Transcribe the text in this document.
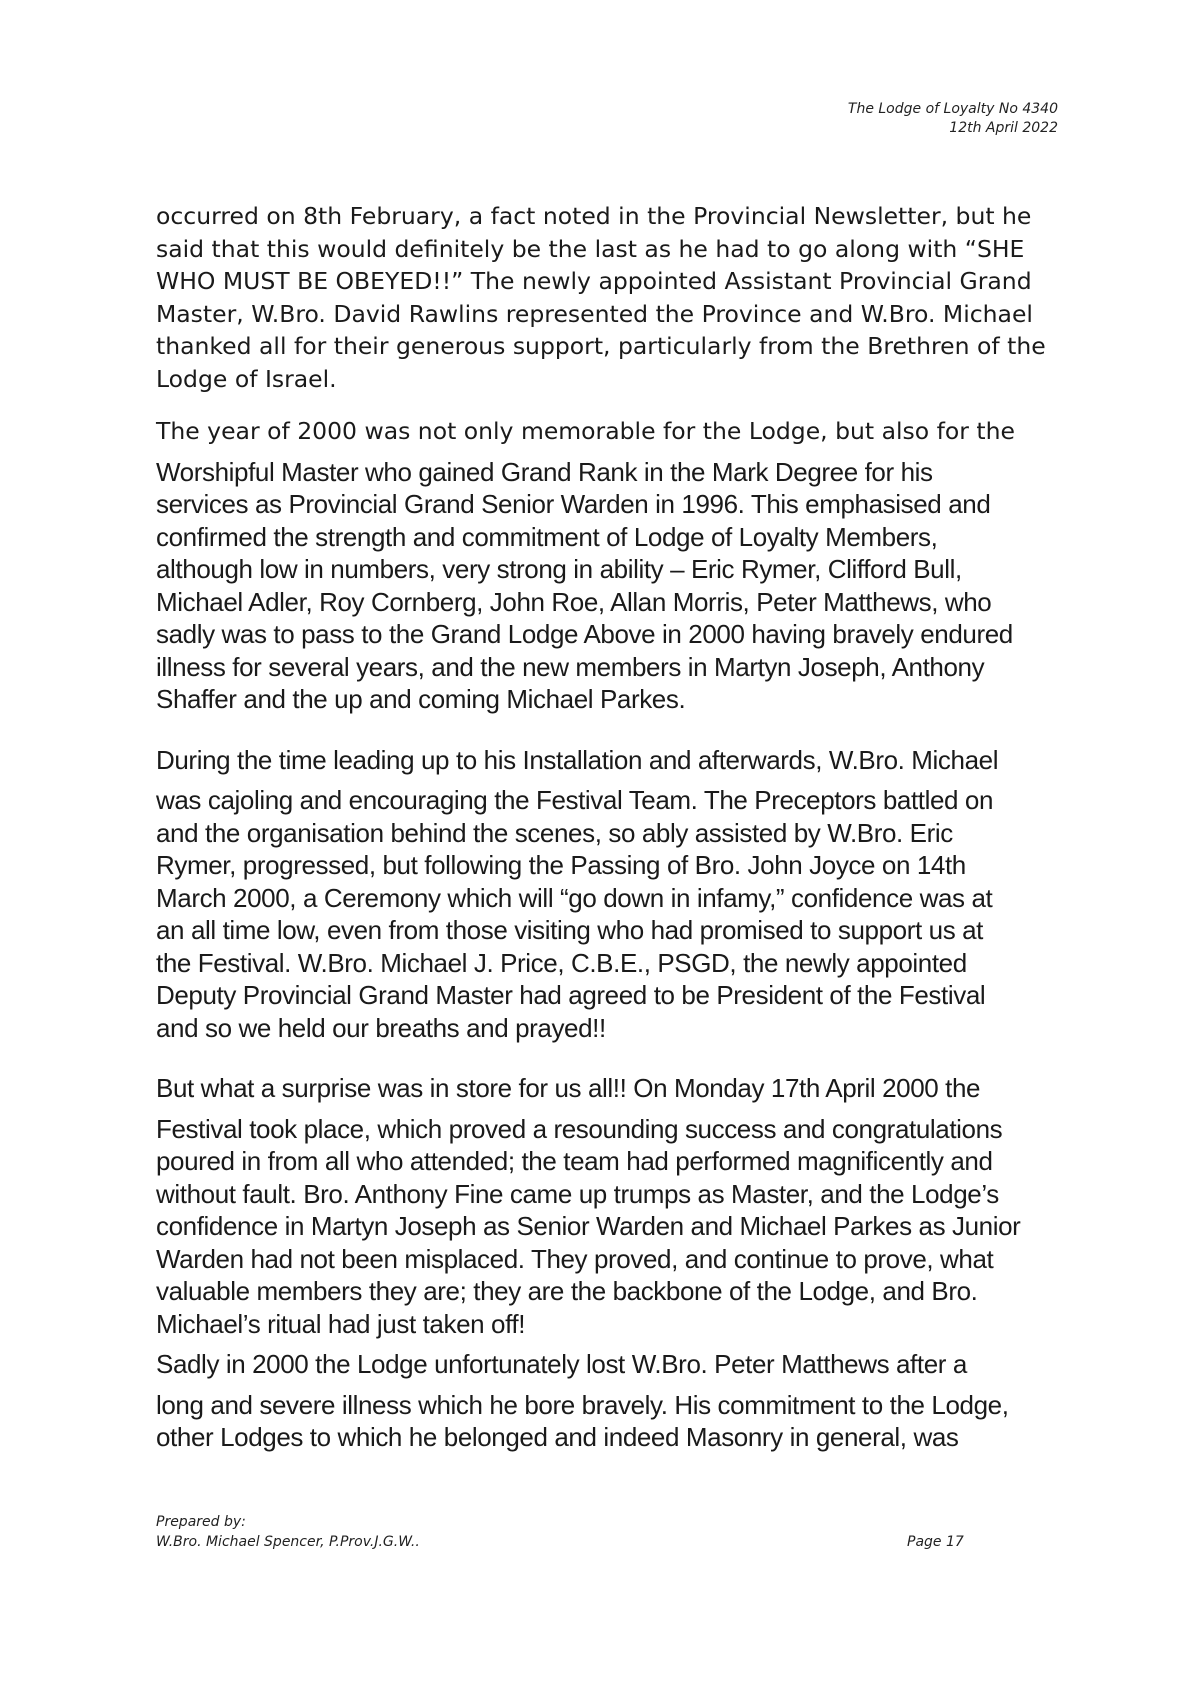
The Lodge of Loyalty No 4340
12th April 2022

occurred on 8th February, a fact noted in the Provincial Newsletter, but he
said that this would definitely be the last as he had to go along with “SHE
WHO MUST BE OBEYED!!” The newly appointed Assistant Provincial Grand
Master, W.Bro. David Rawlins represented the Province and W.Bro. Michael
thanked all for their generous support, particularly from the Brethren of the
Lodge of Israel.

The year of 2000 was not only memorable for the Lodge, but also for the
Worshipful Master who gained Grand Rank in the Mark Degree for his
services as Provincial Grand Senior Warden in 1996. This emphasised and
confirmed the strength and commitment of Lodge of Loyalty Members,
although low in numbers, very strong in ability – Eric Rymer, Clifford Bull,
Michael Adler, Roy Cornberg, John Roe, Allan Morris, Peter Matthews, who
sadly was to pass to the Grand Lodge Above in 2000 having bravely endured
illness for several years, and the new members in Martyn Joseph, Anthony
Shaffer and the up and coming Michael Parkes.

During the time leading up to his Installation and afterwards, W.Bro. Michael
was cajoling and encouraging the Festival Team. The Preceptors battled on
and the organisation behind the scenes, so ably assisted by W.Bro. Eric
Rymer, progressed, but following the Passing of Bro. John Joyce on 14th
March 2000, a Ceremony which will “go down in infamy,” confidence was at
an all time low, even from those visiting who had promised to support us at
the Festival. W.Bro. Michael J. Price, C.B.E., PSGD, the newly appointed
Deputy Provincial Grand Master had agreed to be President of the Festival
and so we held our breaths and prayed!!

But what a surprise was in store for us all!! On Monday 17th April 2000 the
Festival took place, which proved a resounding success and congratulations
poured in from all who attended; the team had performed magnificently and
without fault. Bro. Anthony Fine came up trumps as Master, and the Lodge’s
confidence in Martyn Joseph as Senior Warden and Michael Parkes as Junior
Warden had not been misplaced. They proved, and continue to prove, what
valuable members they are; they are the backbone of the Lodge, and Bro.
Michael’s ritual had just taken off!

Sadly in 2000 the Lodge unfortunately lost W.Bro. Peter Matthews after a
long and severe illness which he bore bravely. His commitment to the Lodge,
other Lodges to which he belonged and indeed Masonry in general, was

Prepared by:
W.Bro. Michael Spencer, P.Prov.J.G.W..	Page 17
